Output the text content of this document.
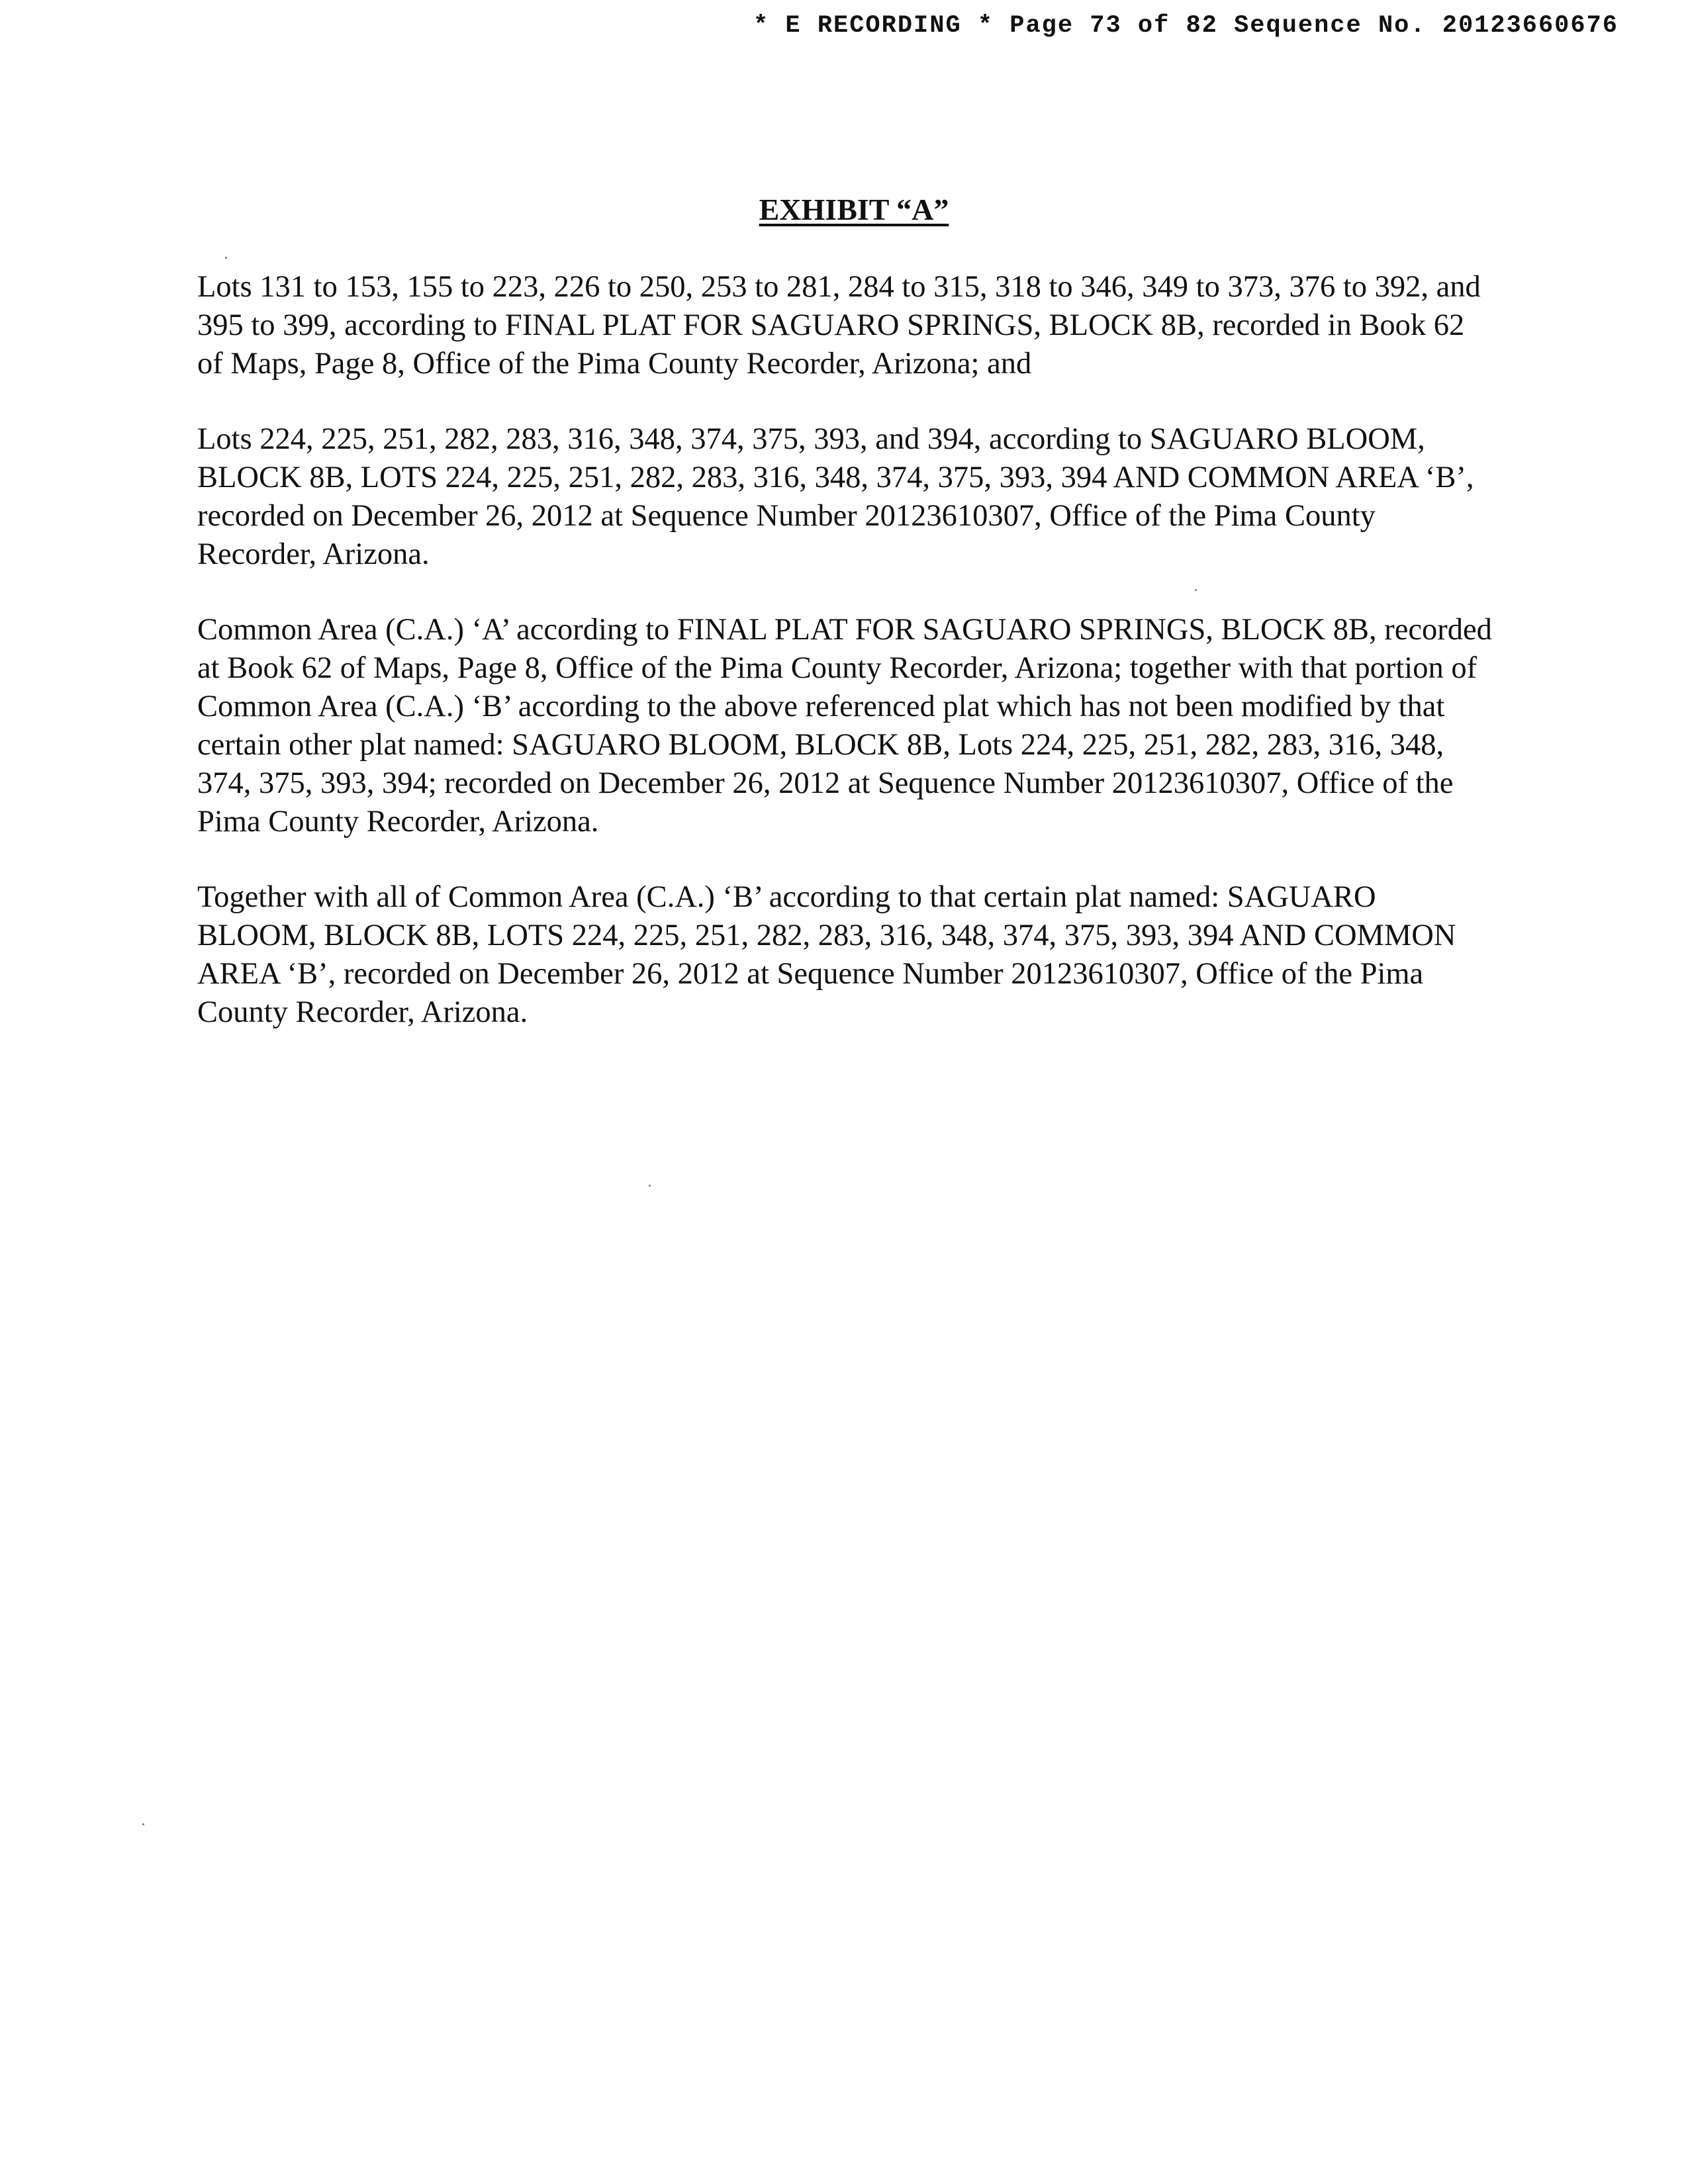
* E RECORDING * Page 73 of 82 Sequence No. 20123660676
EXHIBIT “A”

Lots 131 to 153, 155 to 223, 226 to 250, 253 to 281, 284 to 315, 318 to 346, 349 to 373, 376 to 392, and 395 to 399, according to FINAL PLAT FOR SAGUARO SPRINGS, BLOCK 8B, recorded in Book 62 of Maps, Page 8, Office of the Pima County Recorder, Arizona; and

Lots 224, 225, 251, 282, 283, 316, 348, 374, 375, 393, and 394, according to SAGUARO BLOOM, BLOCK 8B, LOTS 224, 225, 251, 282, 283, 316, 348, 374, 375, 393, 394 AND COMMON AREA ‘B’, recorded on December 26, 2012 at Sequence Number 20123610307, Office of the Pima County Recorder, Arizona.

Common Area (C.A.) ‘A’ according to FINAL PLAT FOR SAGUARO SPRINGS, BLOCK 8B, recorded at Book 62 of Maps, Page 8, Office of the Pima County Recorder, Arizona; together with that portion of Common Area (C.A.) ‘B’ according to the above referenced plat which has not been modified by that certain other plat named: SAGUARO BLOOM, BLOCK 8B, Lots 224, 225, 251, 282, 283, 316, 348, 374, 375, 393, 394; recorded on December 26, 2012 at Sequence Number 20123610307, Office of the Pima County Recorder, Arizona.

Together with all of Common Area (C.A.) ‘B’ according to that certain plat named: SAGUARO BLOOM, BLOCK 8B, LOTS 224, 225, 251, 282, 283, 316, 348, 374, 375, 393, 394 AND COMMON AREA ‘B’, recorded on December 26, 2012 at Sequence Number 20123610307, Office of the Pima County Recorder, Arizona.
